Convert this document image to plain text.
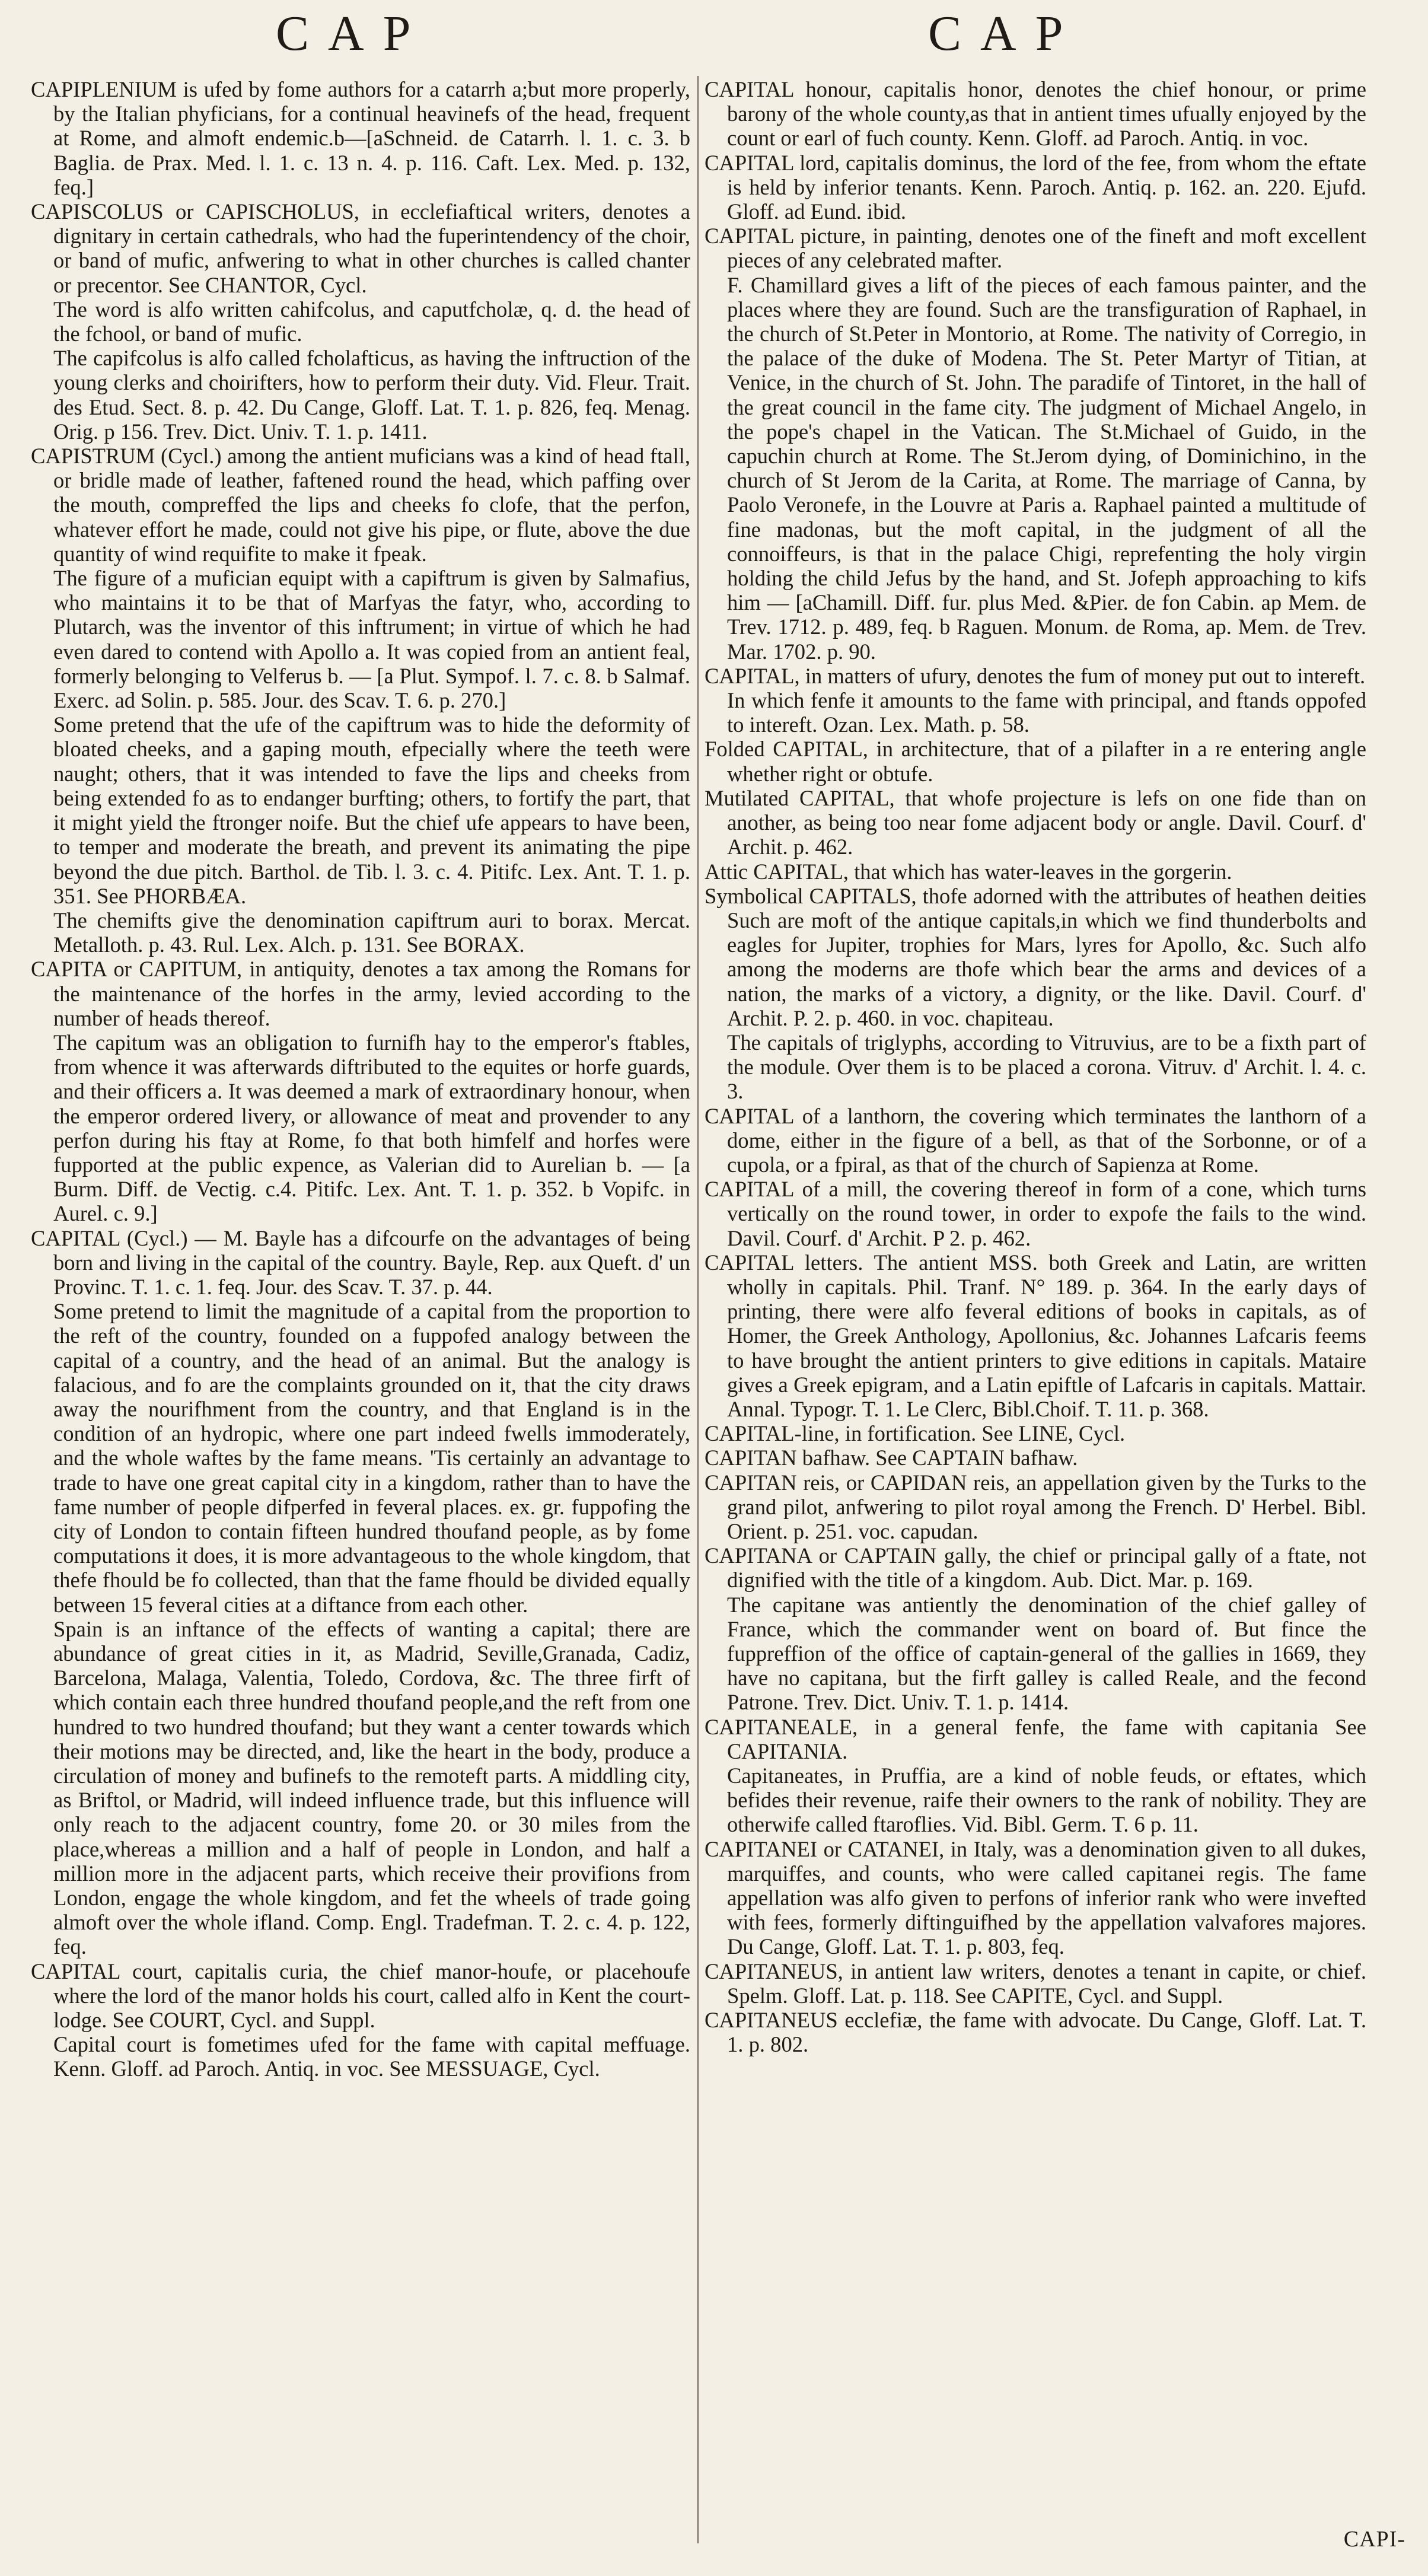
CAP	CAP

CAPIPLENIUM is ufed by fome authors for a catarrh a;but more properly, by the Italian phyficians, for a continual heavinefs of the head, frequent at Rome, and almoft endemic.b—[aSchneid. de Catarrh. l. 1. c. 3. b Baglia. de Prax. Med. l. 1. c. 13 n. 4. p. 116. Caft. Lex. Med. p. 132, feq.]

CAPISCOLUS or CAPISCHOLUS, in ecclefiaftical writers, denotes a dignitary in certain cathedrals, who had the fuperintendency of the choir, or band of mufic, anfwering to what in other churches is called chanter or precentor. See CHANTOR, Cycl.

The word is alfo written cahifcolus, and caputfcholæ, q. d. the head of the fchool, or band of mufic.

The capifcolus is alfo called fcholafticus, as having the inftruction of the young clerks and choirifters, how to perform their duty. Vid. Fleur. Trait. des Etud. Sect. 8. p. 42. Du Cange, Gloff. Lat. T. 1. p. 826, feq. Menag. Orig. p 156. Trev. Dict. Univ. T. 1. p. 1411.

CAPISTRUM (Cycl.) among the antient muficians was a kind of head ftall, or bridle made of leather, faftened round the head, which paffing over the mouth, compreffed the lips and cheeks fo clofe, that the perfon, whatever effort he made, could not give his pipe, or flute, above the due quantity of wind requifite to make it fpeak.

The figure of a mufician equipt with a capiftrum is given by Salmafius, who maintains it to be that of Marfyas the fatyr, who, according to Plutarch, was the inventor of this inftrument; in virtue of which he had even dared to contend with Apollo a. It was copied from an antient feal, formerly belonging to Velferus b. — [a Plut. Sympof. l. 7. c. 8. b Salmaf. Exerc. ad Solin. p. 585. Jour. des Scav. T. 6. p. 270.]

Some pretend that the ufe of the capiftrum was to hide the deformity of bloated cheeks, and a gaping mouth, efpecially where the teeth were naught; others, that it was intended to fave the lips and cheeks from being extended fo as to endanger burfting; others, to fortify the part, that it might yield the ftronger noife. But the chief ufe appears to have been, to temper and moderate the breath, and prevent its animating the pipe beyond the due pitch. Barthol. de Tib. l. 3. c. 4. Pitifc. Lex. Ant. T. 1. p. 351. See PHORBÆA.

The chemifts give the denomination capiftrum auri to borax. Mercat. Metalloth. p. 43. Rul. Lex. Alch. p. 131. See BORAX.

CAPITA or CAPITUM, in antiquity, denotes a tax among the Romans for the maintenance of the horfes in the army, levied according to the number of heads thereof.

The capitum was an obligation to furnifh hay to the emperor's ftables, from whence it was afterwards diftributed to the equites or horfe guards, and their officers a. It was deemed a mark of extraordinary honour, when the emperor ordered livery, or allowance of meat and provender to any perfon during his ftay at Rome, fo that both himfelf and horfes were fupported at the public expence, as Valerian did to Aurelian b. — [a Burm. Diff. de Vectig. c.4. Pitifc. Lex. Ant. T. 1. p. 352. b Vopifc. in Aurel. c. 9.]

CAPITAL (Cycl.) — M. Bayle has a difcourfe on the advantages of being born and living in the capital of the country. Bayle, Rep. aux Queft. d' un Provinc. T. 1. c. 1. feq. Jour. des Scav. T. 37. p. 44.

Some pretend to limit the magnitude of a capital from the proportion to the reft of the country, founded on a fuppofed analogy between the capital of a country, and the head of an animal. But the analogy is falacious, and fo are the complaints grounded on it, that the city draws away the nourifhment from the country, and that England is in the condition of an hydropic, where one part indeed fwells immoderately, and the whole waftes by the fame means. 'Tis certainly an advantage to trade to have one great capital city in a kingdom, rather than to have the fame number of people difperfed in feveral places. ex. gr. fuppofing the city of London to contain fifteen hundred thoufand people, as by fome computations it does, it is more advantageous to the whole kingdom, that thefe fhould be fo collected, than that the fame fhould be divided equally between 15 feveral cities at a diftance from each other.

Spain is an inftance of the effects of wanting a capital; there are abundance of great cities in it, as Madrid, Seville,Granada, Cadiz, Barcelona, Malaga, Valentia, Toledo, Cordova, &c. The three firft of which contain each three hundred thoufand people,and the reft from one hundred to two hundred thoufand; but they want a center towards which their motions may be directed, and, like the heart in the body, produce a circulation of money and bufinefs to the remoteft parts. A middling city, as Briftol, or Madrid, will indeed influence trade, but this influence will only reach to the adjacent country, fome 20. or 30 miles from the place,whereas a million and a half of people in London, and half a million more in the adjacent parts, which receive their provifions from London, engage the whole kingdom, and fet the wheels of trade going almoft over the whole ifland. Comp. Engl. Tradefman. T. 2. c. 4. p. 122, feq.

CAPITAL court, capitalis curia, the chief manor-houfe, or placehoufe where the lord of the manor holds his court, called alfo in Kent the court-lodge. See COURT, Cycl. and Suppl.

Capital court is fometimes ufed for the fame with capital meffuage. Kenn. Gloff. ad Paroch. Antiq. in voc. See MESSUAGE, Cycl.

CAPITAL honour, capitalis honor, denotes the chief honour, or prime barony of the whole county,as that in antient times ufually enjoyed by the count or earl of fuch county. Kenn. Gloff. ad Paroch. Antiq. in voc.

CAPITAL lord, capitalis dominus, the lord of the fee, from whom the eftate is held by inferior tenants. Kenn. Paroch. Antiq. p. 162. an. 220. Ejufd. Gloff. ad Eund. ibid.

CAPITAL picture, in painting, denotes one of the fineft and moft excellent pieces of any celebrated mafter.

F. Chamillard gives a lift of the pieces of each famous painter, and the places where they are found. Such are the transfiguration of Raphael, in the church of St.Peter in Montorio, at Rome. The nativity of Corregio, in the palace of the duke of Modena. The St. Peter Martyr of Titian, at Venice, in the church of St. John. The paradife of Tintoret, in the hall of the great council in the fame city. The judgment of Michael Angelo, in the pope's chapel in the Vatican. The St.Michael of Guido, in the capuchin church at Rome. The St.Jerom dying, of Dominichino, in the church of St Jerom de la Carita, at Rome. The marriage of Canna, by Paolo Veronefe, in the Louvre at Paris a. Raphael painted a multitude of fine madonas, but the moft capital, in the judgment of all the connoiffeurs, is that in the palace Chigi, reprefenting the holy virgin holding the child Jefus by the hand, and St. Jofeph approaching to kifs him — [aChamill. Diff. fur. plus Med. &Pier. de fon Cabin. ap Mem. de Trev. 1712. p. 489, feq. b Raguen. Monum. de Roma, ap. Mem. de Trev. Mar. 1702. p. 90.

CAPITAL, in matters of ufury, denotes the fum of money put out to intereft.

In which fenfe it amounts to the fame with principal, and ftands oppofed to intereft. Ozan. Lex. Math. p. 58.

Folded CAPITAL, in architecture, that of a pilafter in a re entering angle whether right or obtufe.

Mutilated CAPITAL, that whofe projecture is lefs on one fide than on another, as being too near fome adjacent body or angle. Davil. Courf. d' Archit. p. 462.

Attic CAPITAL, that which has water-leaves in the gorgerin.

Symbolical CAPITALS, thofe adorned with the attributes of heathen deities Such are moft of the antique capitals,in which we find thunderbolts and eagles for Jupiter, trophies for Mars, lyres for Apollo, &c. Such alfo among the moderns are thofe which bear the arms and devices of a nation, the marks of a victory, a dignity, or the like. Davil. Courf. d' Archit. P. 2. p. 460. in voc. chapiteau.

The capitals of triglyphs, according to Vitruvius, are to be a fixth part of the module. Over them is to be placed a corona. Vitruv. d' Archit. l. 4. c. 3.

CAPITAL of a lanthorn, the covering which terminates the lanthorn of a dome, either in the figure of a bell, as that of the Sorbonne, or of a cupola, or a fpiral, as that of the church of Sapienza at Rome.

CAPITAL of a mill, the covering thereof in form of a cone, which turns vertically on the round tower, in order to expofe the fails to the wind. Davil. Courf. d' Archit. P 2. p. 462.

CAPITAL letters. The antient MSS. both Greek and Latin, are written wholly in capitals. Phil. Tranf. N° 189. p. 364. In the early days of printing, there were alfo feveral editions of books in capitals, as of Homer, the Greek Anthology, Apollonius, &c. Johannes Lafcaris feems to have brought the antient printers to give editions in capitals. Mataire gives a Greek epigram, and a Latin epiftle of Lafcaris in capitals. Mattair. Annal. Typogr. T. 1. Le Clerc, Bibl.Choif. T. 11. p. 368.

CAPITAL-line, in fortification. See LINE, Cycl.

CAPITAN bafhaw. See CAPTAIN bafhaw.

CAPITAN reis, or CAPIDAN reis, an appellation given by the Turks to the grand pilot, anfwering to pilot royal among the French. D' Herbel. Bibl. Orient. p. 251. voc. capudan.

CAPITANA or CAPTAIN gally, the chief or principal gally of a ftate, not dignified with the title of a kingdom. Aub. Dict. Mar. p. 169.

The capitane was antiently the denomination of the chief galley of France, which the commander went on board of. But fince the fuppreffion of the office of captain-general of the gallies in 1669, they have no capitana, but the firft galley is called Reale, and the fecond Patrone. Trev. Dict. Univ. T. 1. p. 1414.

CAPITANEALE, in a general fenfe, the fame with capitania See CAPITANIA.

Capitaneates, in Pruffia, are a kind of noble feuds, or eftates, which befides their revenue, raife their owners to the rank of nobility. They are otherwife called ftaroflies. Vid. Bibl. Germ. T. 6 p. 11.

CAPITANEI or CATANEI, in Italy, was a denomination given to all dukes, marquiffes, and counts, who were called capitanei regis. The fame appellation was alfo given to perfons of inferior rank who were invefted with fees, formerly diftinguifhed by the appellation valvafores majores. Du Cange, Gloff. Lat. T. 1. p. 803, feq.

CAPITANEUS, in antient law writers, denotes a tenant in capite, or chief. Spelm. Gloff. Lat. p. 118. See CAPITE, Cycl. and Suppl.

CAPITANEUS ecclefiæ, the fame with advocate. Du Cange, Gloff. Lat. T. 1. p. 802.

CAPI-
